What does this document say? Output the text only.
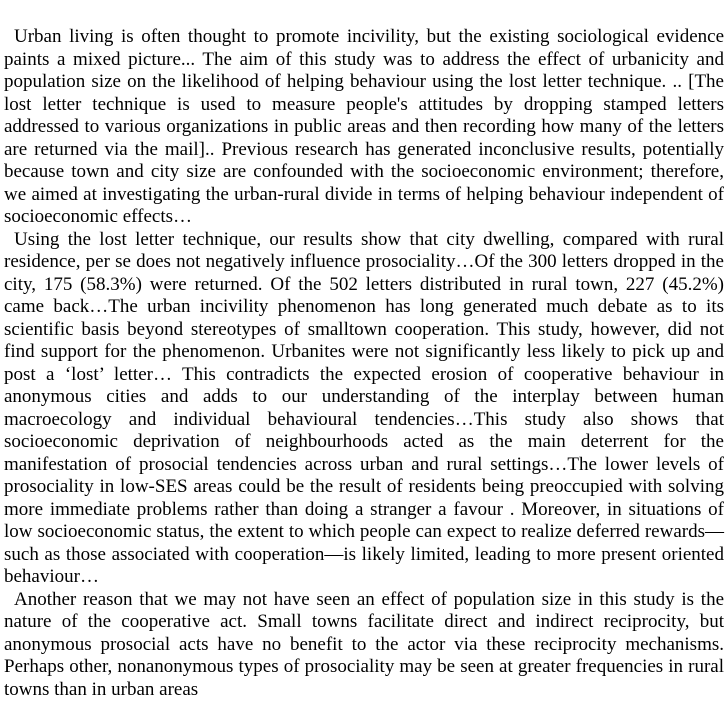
Urban living is often thought to promote incivility, but the existing sociological evidence paints a mixed picture... The aim of this study was to address the effect of urbanicity and population size on the likelihood of helping behaviour using the lost letter technique. .. [The lost letter technique is used to measure people's attitudes by dropping stamped letters addressed to various organizations in public areas and then recording how many of the letters are returned via the mail].. Previous research has generated inconclusive results, potentially because town and city size are confounded with the socioeconomic environment; therefore, we aimed at investigating the urban-rural divide in terms of helping behaviour independent of socioeconomic effects…

Using the lost letter technique, our results show that city dwelling, compared with rural residence, per se does not negatively influence prosociality…Of the 300 letters dropped in the city, 175 (58.3%) were returned. Of the 502 letters distributed in rural town, 227 (45.2%) came back…The urban incivility phenomenon has long generated much debate as to its scientific basis beyond stereotypes of smalltown cooperation. This study, however, did not find support for the phenomenon. Urbanites were not significantly less likely to pick up and post a ‘lost’ letter… This contradicts the expected erosion of cooperative behaviour in anonymous cities and adds to our understanding of the interplay between human macroecology and individual behavioural tendencies…This study also shows that socioeconomic deprivation of neighbourhoods acted as the main deterrent for the manifestation of prosocial tendencies across urban and rural settings…The lower levels of prosociality in low-SES areas could be the result of residents being preoccupied with solving more immediate problems rather than doing a stranger a favour . Moreover, in situations of low socioeconomic status, the extent to which people can expect to realize deferred rewards—such as those associated with cooperation—is likely limited, leading to more present oriented behaviour…

Another reason that we may not have seen an effect of population size in this study is the nature of the cooperative act. Small towns facilitate direct and indirect reciprocity, but anonymous prosocial acts have no benefit to the actor via these reciprocity mechanisms. Perhaps other, nonanonymous types of prosociality may be seen at greater frequencies in rural towns than in urban areas
